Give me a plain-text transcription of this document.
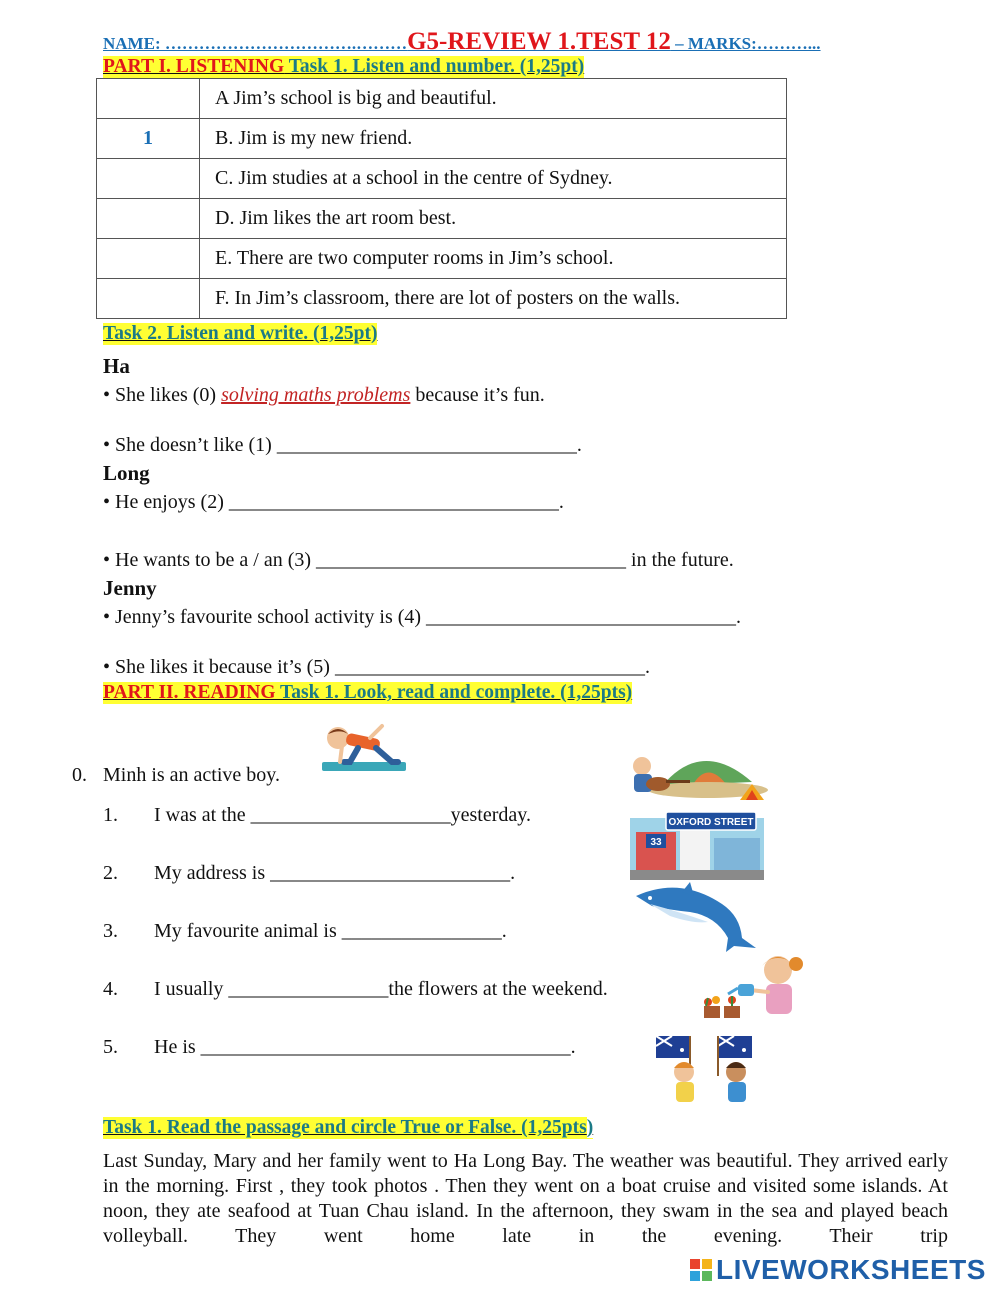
NAME: …………………………….………G5-REVIEW 1.TEST 12 – MARKS:………...
PART I. LISTENING Task 1. Listen and number. (1,25pt)
	A Jim’s school is big and beautiful.
1	B. Jim is my new friend.
	C. Jim studies at a school in the centre of Sydney.
	D. Jim likes the art room best.
	E. There are two computer rooms in Jim’s school.
	F. In Jim’s classroom, there are lot of posters on the walls.
Task 2. Listen and write. (1,25pt)
Ha
• She likes (0) solving maths problems because it’s fun.
• She doesn’t like (1) ______________________________.
Long
• He enjoys (2) _________________________________.
• He wants to be a / an (3) _______________________________ in the future.
Jenny
• Jenny’s favourite school activity is (4) _______________________________.
• She likes it because it’s (5) _______________________________.
PART II. READING Task 1. Look, read and complete. (1,25pts)
0. Minh is an active boy.
1. I was at the ____________________yesterday.
2. My address is ________________________.
3. My favourite animal is ________________.
4. I usually ________________the flowers at the weekend.
5. He is _____________________________________.
OXFORD STREET
33
Task 1. Read the passage and circle True or False. (1,25pts)
Last Sunday, Mary and her family went to Ha Long Bay. The weather was beautiful. They arrived early in the morning. First , they took photos . Then they went on a boat cruise and visited some islands. At noon, they ate seafood at Tuan Chau island. In the afternoon, they swam in the sea and played beach volleyball. They went home late in the evening. Their trip
LIVEWORKSHEETS
